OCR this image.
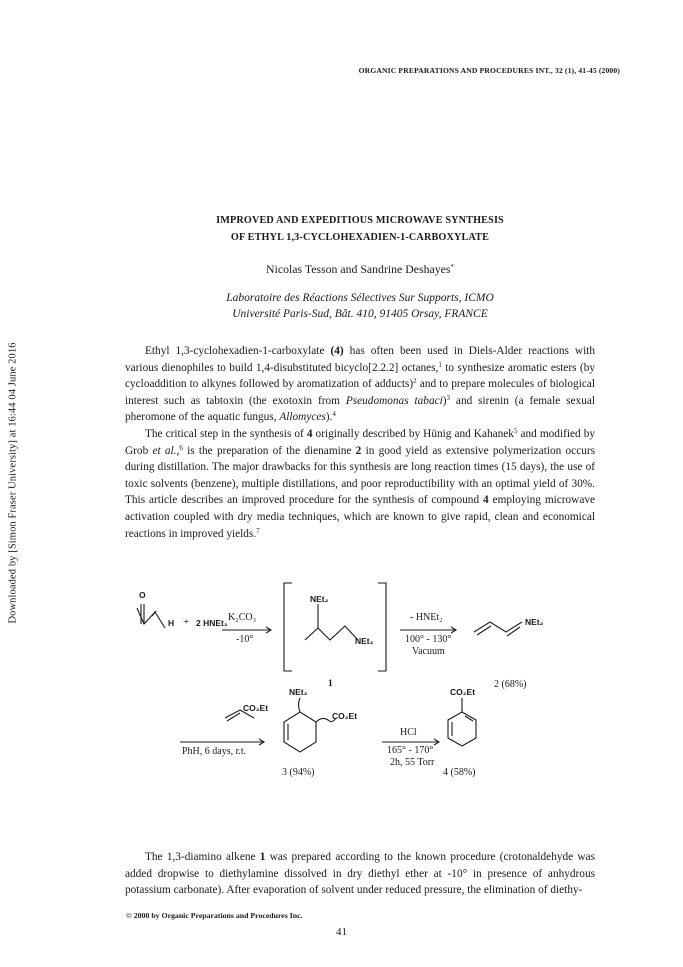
Downloaded by [Simon Fraser University] at 16:44 04 June 2016
ORGANIC PREPARATIONS AND PROCEDURES INT., 32 (1), 41-45 (2000)
IMPROVED AND EXPEDITIOUS MICROWAVE SYNTHESIS
OF ETHYL 1,3-CYCLOHEXADIEN-1-CARBOXYLATE
Nicolas Tesson and Sandrine Deshayes*
Laboratoire des Réactions Sélectives Sur Supports, ICMO
Université Paris-Sud, Bât. 410, 91405 Orsay, FRANCE

Ethyl 1,3-cyclohexadien-1-carboxylate (4) has often been used in Diels-Alder reactions with various dienophiles to build 1,4-disubstituted bicyclo[2.2.2] octanes,$^1$ to synthesize aromatic esters (by cycloaddition to alkynes followed by aromatization of adducts)$^2$ and to prepare molecules of biological interest such as tabtoxin (the exotoxin from Pseudomonas tabaci)$^3$ and sirenin (a female sexual pheromone of the aquatic fungus, Allomyces).$^4$

The critical step in the synthesis of 4 originally described by Hünig and Kahanek$^5$ and modified by Grob et al.,$^6$ is the preparation of the dienamine 2 in good yield as extensive polymerization occurs during distillation. The major drawbacks for this synthesis are long reaction times (15 days), the use of toxic solvents (benzene), multiple distillations, and poor reproductibility with an optimal yield of 30%. This article describes an improved procedure for the synthesis of compound 4 employing microwave activation coupled with dry media techniques, which are known to give rapid, clean and economical reactions in improved yields.$^7$

O
H + 2 HNEt₂ K₂CO₃
-10°
NEt₂
NEt₂
1
- HNEt₂
100° - 130°
Vacuum
NEt₂
2 (68%)
CO₂Et
PhH, 6 days, r.t.
NEt₂
CO₂Et
3 (94%)
HCl
165° - 170°
2h, 55 Torr
CO₂Et
4 (58%)

The 1,3-diamino alkene 1 was prepared according to the known procedure (crotonaldehyde was added dropwise to diethylamine dissolved in dry diethyl ether at -10° in presence of anhydrous potassium carbonate). After evaporation of solvent under reduced pressure, the elimination of diethy-

© 2000 by Organic Preparations and Procedures Inc.
41
